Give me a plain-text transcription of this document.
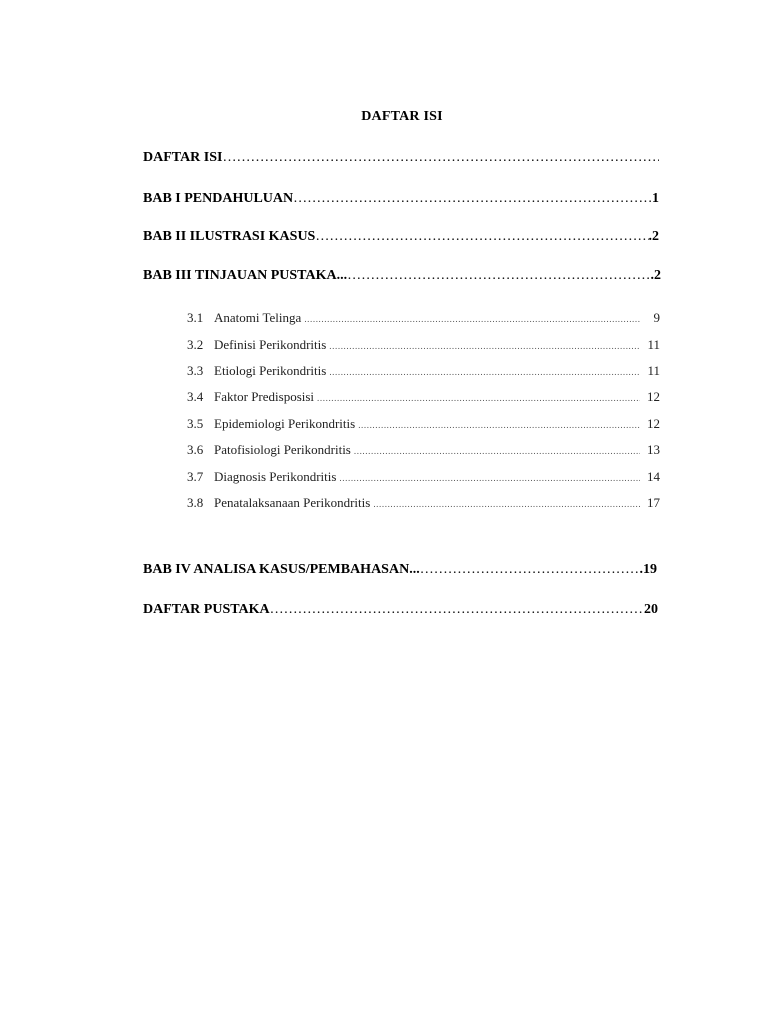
DAFTAR ISI
DAFTAR ISI
………………………………………………………………………………………………………………………………………………
BAB I PENDAHULUAN ………………………………………………………………………………………………………………………………………………	1
BAB II ILUSTRASI KASUS ………………………………………………………………………………………………………………………………………………	.2
BAB III TINJAUAN PUSTAKA... ………………………………………………………………………………………………………………………………………………	.2
3.1 Anatomi Telinga .....	9
3.2 Definisi Perikondritis .....	11
3.3 Etiologi Perikondritis .....	11
3.4 Faktor Predisposisi .....	12
3.5 Epidemiologi Perikondritis .....	12
3.6 Patofisiologi Perikondritis .....	13
3.7 Diagnosis Perikondritis .....	14
3.8 Penatalaksanaan Perikondritis .....	17
BAB IV ANALISA KASUS/PEMBAHASAN... ………………………………………………………………………………………………………………………………………………	.19
DAFTAR PUSTAKA ………………………………………………………………………………………………………………………………………………	20
